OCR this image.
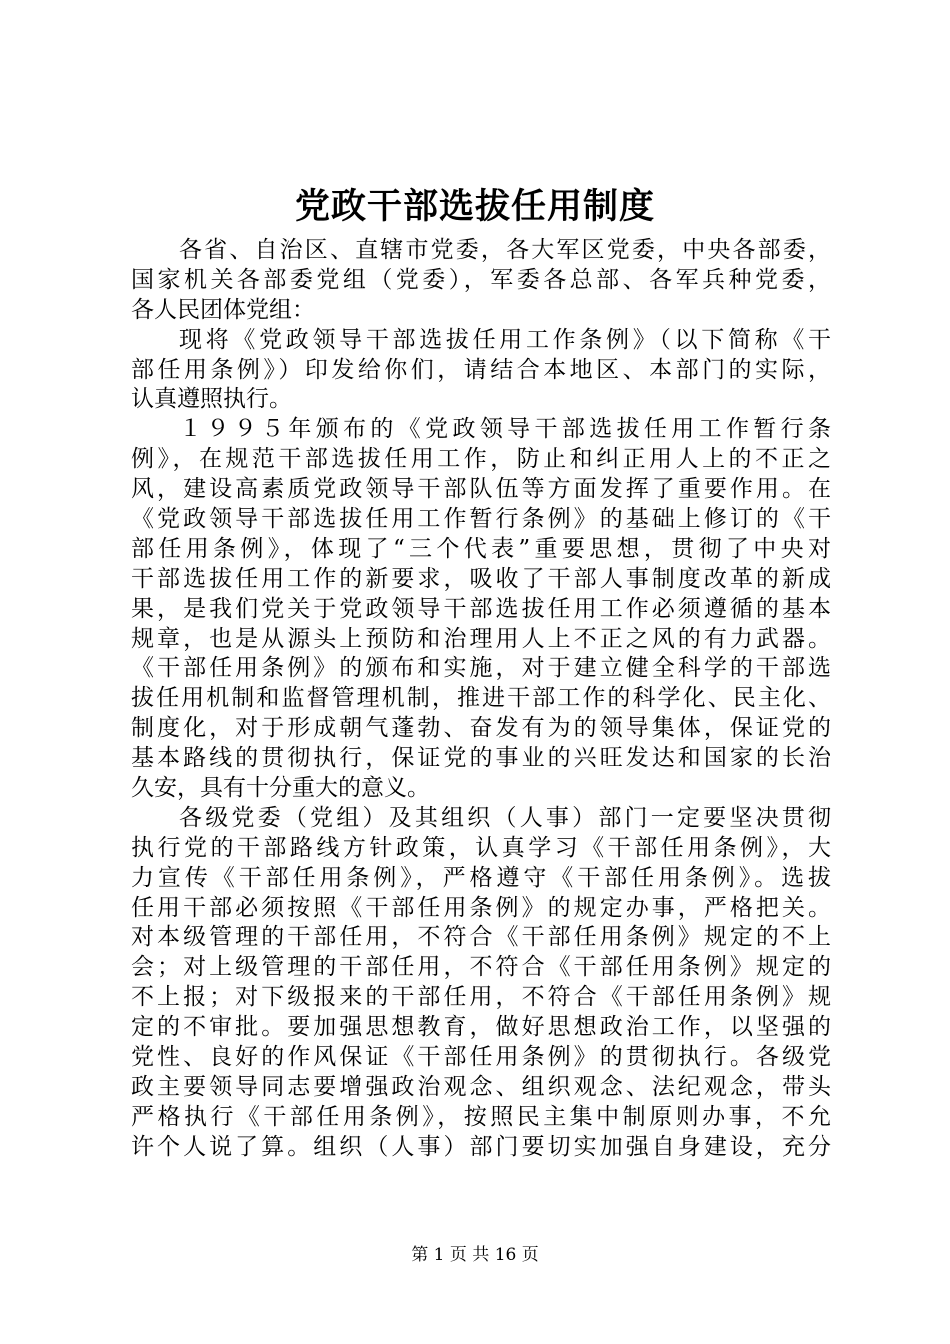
党政干部选拔任用制度
各省、自治区、直辖市党委，各大军区党委，中央各部委，
国家机关各部委党组（党委），军委各总部、各军兵种党委，
各人民团体党组：
现将《党政领导干部选拔任用工作条例》（以下简称《干
部任用条例》）印发给你们，请结合本地区、本部门的实际，
认真遵照执行。
１９９５年颁布的《党政领导干部选拔任用工作暂行条
例》，在规范干部选拔任用工作，防止和纠正用人上的不正之
风，建设高素质党政领导干部队伍等方面发挥了重要作用。在
《党政领导干部选拔任用工作暂行条例》的基础上修订的《干
部任用条例》，体现了“三个代表”重要思想，贯彻了中央对
干部选拔任用工作的新要求，吸收了干部人事制度改革的新成
果，是我们党关于党政领导干部选拔任用工作必须遵循的基本
规章，也是从源头上预防和治理用人上不正之风的有力武器。
《干部任用条例》的颁布和实施，对于建立健全科学的干部选
拔任用机制和监督管理机制，推进干部工作的科学化、民主化、
制度化，对于形成朝气蓬勃、奋发有为的领导集体，保证党的
基本路线的贯彻执行，保证党的事业的兴旺发达和国家的长治
久安，具有十分重大的意义。
各级党委（党组）及其组织（人事）部门一定要坚决贯彻
执行党的干部路线方针政策，认真学习《干部任用条例》，大
力宣传《干部任用条例》，严格遵守《干部任用条例》。选拔
任用干部必须按照《干部任用条例》的规定办事，严格把关。
对本级管理的干部任用，不符合《干部任用条例》规定的不上
会；对上级管理的干部任用，不符合《干部任用条例》规定的
不上报；对下级报来的干部任用，不符合《干部任用条例》规
定的不审批。要加强思想教育，做好思想政治工作，以坚强的
党性、良好的作风保证《干部任用条例》的贯彻执行。各级党
政主要领导同志要增强政治观念、组织观念、法纪观念，带头
严格执行《干部任用条例》，按照民主集中制原则办事，不允
许个人说了算。组织（人事）部门要切实加强自身建设，充分
第 1 页 共 16 页
